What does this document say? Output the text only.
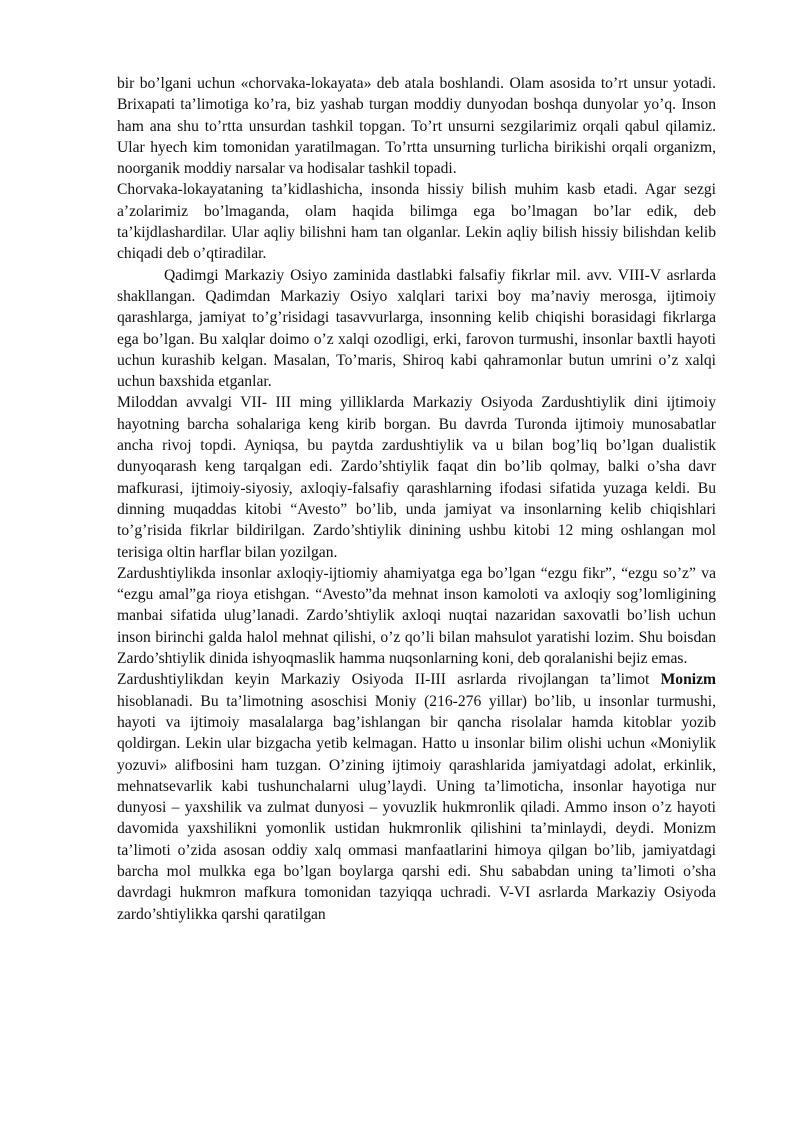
bir bo’lgani uchun «chorvaka-lokayata» deb atala boshlandi. Olam asosida to’rt unsur yotadi. Brixapati ta’limotiga ko’ra, biz yashab turgan moddiy dunyodan boshqa dunyolar yo’q. Inson ham ana shu to’rtta unsurdan tashkil topgan. To’rt unsurni sezgilarimiz orqali qabul qilamiz. Ular hyech kim tomonidan yaratilmagan. To’rtta unsurning turlicha birikishi orqali organizm, noorganik moddiy narsalar va hodisalar tashkil topadi.

Chorvaka-lokayataning ta’kidlashicha, insonda hissiy bilish muhim kasb etadi. Agar sezgi a’zolarimiz bo’lmaganda, olam haqida bilimga ega bo’lmagan bo’lar edik, deb ta’kijdlashardilar. Ular aqliy bilishni ham tan olganlar. Lekin aqliy bilish hissiy bilishdan kelib chiqadi deb o’qtiradilar.

Qadimgi Markaziy Osiyo zaminida dastlabki falsafiy fikrlar mil. avv. VIII-V asrlarda shakllangan. Qadimdan Markaziy Osiyo xalqlari tarixi boy ma’naviy merosga, ijtimoiy qarashlarga, jamiyat to’g’risidagi tasavvurlarga, insonning kelib chiqishi borasidagi fikrlarga ega bo’lgan. Bu xalqlar doimo o’z xalqi ozodligi, erki, farovon turmushi, insonlar baxtli hayoti uchun kurashib kelgan. Masalan, To’maris, Shiroq kabi qahramonlar butun umrini o’z xalqi uchun baxshida etganlar.

Miloddan avvalgi VII- III ming yilliklarda Markaziy Osiyoda Zardushtiylik dini ijtimoiy hayotning barcha sohalariga keng kirib borgan. Bu davrda Turonda ijtimoiy munosabatlar ancha rivoj topdi. Ayniqsa, bu paytda zardushtiylik va u bilan bog’liq bo’lgan dualistik dunyoqarash keng tarqalgan edi. Zardo’shtiylik faqat din bo’lib qolmay, balki o’sha davr mafkurasi, ijtimoiy-siyosiy, axloqiy-falsafiy qarashlarning ifodasi sifatida yuzaga keldi. Bu dinning muqaddas kitobi “Avesto” bo’lib, unda jamiyat va insonlarning kelib chiqishlari to’g’risida fikrlar bildirilgan. Zardo’shtiylik dinining ushbu kitobi 12 ming oshlangan mol terisiga oltin harflar bilan yozilgan.

Zardushtiylikda insonlar axloqiy-ijtiomiy ahamiyatga ega bo’lgan “ezgu fikr”, “ezgu so’z” va “ezgu amal”ga rioya etishgan. “Avesto”da mehnat inson kamoloti va axloqiy sog’lomligining manbai sifatida ulug’lanadi. Zardo’shtiylik axloqi nuqtai nazaridan saxovatli bo’lish uchun inson birinchi galda halol mehnat qilishi, o’z qo’li bilan mahsulot yaratishi lozim. Shu boisdan Zardo’shtiylik dinida ishyoqmaslik hamma nuqsonlarning koni, deb qoralanishi bejiz emas.

Zardushtiylikdan keyin Markaziy Osiyoda II-III asrlarda rivojlangan ta’limot Monizm hisoblanadi. Bu ta’limotning asoschisi Moniy (216-276 yillar) bo’lib, u insonlar turmushi, hayoti va ijtimoiy masalalarga bag’ishlangan bir qancha risolalar hamda kitoblar yozib qoldirgan. Lekin ular bizgacha yetib kelmagan. Hatto u insonlar bilim olishi uchun «Moniylik yozuvi» alifbosini ham tuzgan. O’zining ijtimoiy qarashlarida jamiyatdagi adolat, erkinlik, mehnatsevarlik kabi tushunchalarni ulug’laydi. Uning ta’limoticha, insonlar hayotiga nur dunyosi – yaxshilik va zulmat dunyosi – yovuzlik hukmronlik qiladi. Ammo inson o’z hayoti davomida yaxshilikni yomonlik ustidan hukmronlik qilishini ta’minlaydi, deydi. Monizm ta’limoti o’zida asosan oddiy xalq ommasi manfaatlarini himoya qilgan bo’lib, jamiyatdagi barcha mol mulkka ega bo’lgan boylarga qarshi edi. Shu sababdan uning ta’limoti o’sha davrdagi hukmron mafkura tomonidan tazyiqqa uchradi. V-VI asrlarda Markaziy Osiyoda zardo’shtiylikka qarshi qaratilgan
